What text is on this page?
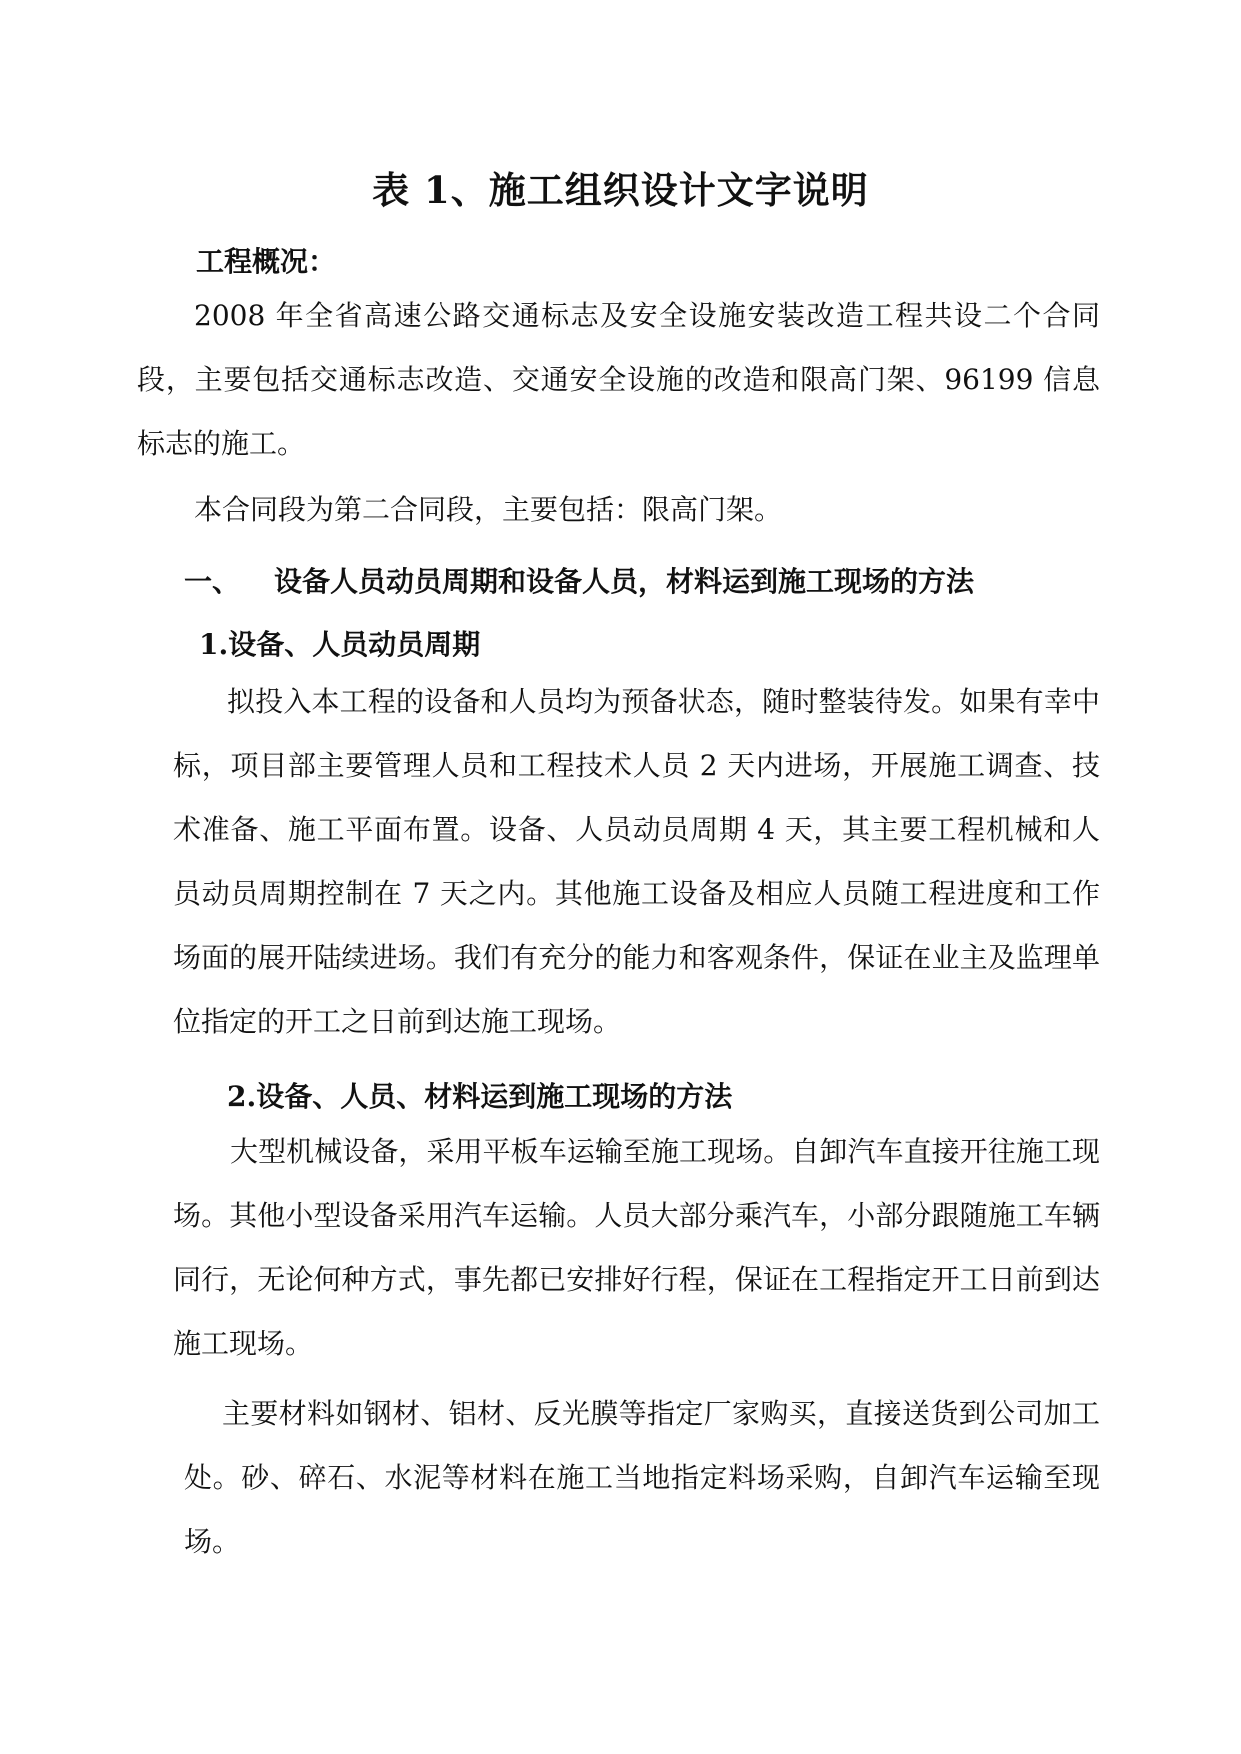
表 1、施工组织设计文字说明

工程概况：

2008 年全省高速公路交通标志及安全设施安装改造工程共设二个合同段，主要包括交通标志改造、交通安全设施的改造和限高门架、96199 信息标志的施工。

本合同段为第二合同段，主要包括：限高门架。

一、 设备人员动员周期和设备人员，材料运到施工现场的方法

1.设备、人员动员周期

拟投入本工程的设备和人员均为预备状态，随时整装待发。如果有幸中标，项目部主要管理人员和工程技术人员 2 天内进场，开展施工调查、技术准备、施工平面布置。设备、人员动员周期 4 天，其主要工程机械和人员动员周期控制在 7 天之内。其他施工设备及相应人员随工程进度和工作场面的展开陆续进场。我们有充分的能力和客观条件，保证在业主及监理单位指定的开工之日前到达施工现场。

2.设备、人员、材料运到施工现场的方法

大型机械设备，采用平板车运输至施工现场。自卸汽车直接开往施工现场。其他小型设备采用汽车运输。人员大部分乘汽车，小部分跟随施工车辆同行，无论何种方式，事先都已安排好行程，保证在工程指定开工日前到达施工现场。

主要材料如钢材、铝材、反光膜等指定厂家购买，直接送货到公司加工处。砂、碎石、水泥等材料在施工当地指定料场采购，自卸汽车运输至现场。
